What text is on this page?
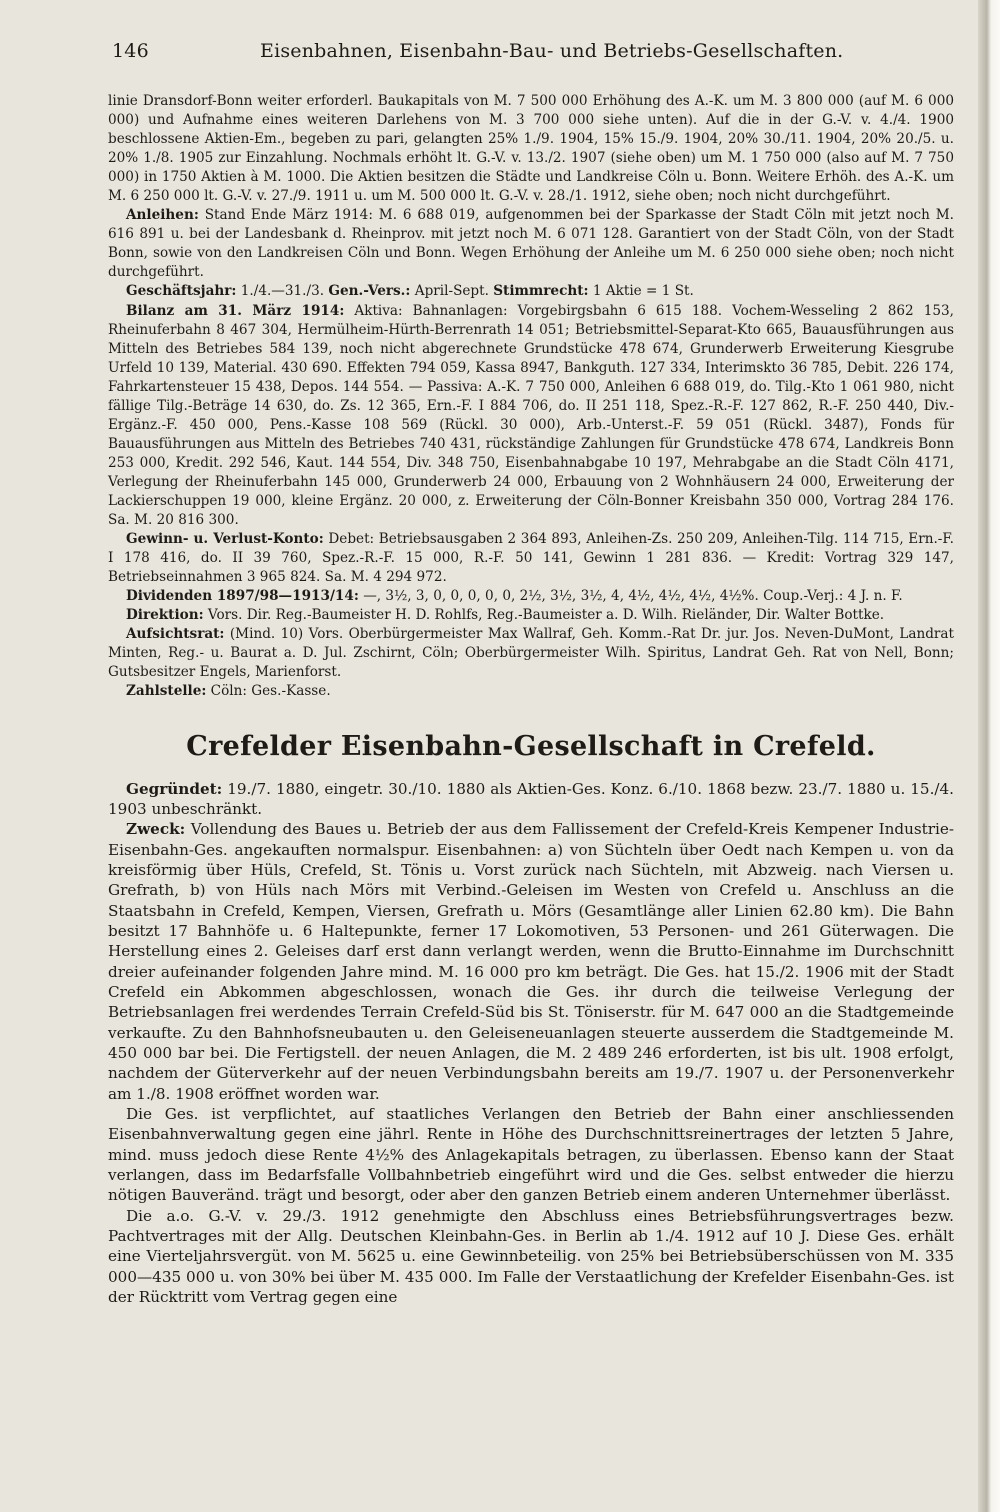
146	Eisenbahnen, Eisenbahn-Bau- und Betriebs-Gesellschaften.

linie Dransdorf-Bonn weiter erforderl. Baukapitals von M. 7 500 000 Erhöhung des A.-K. um M. 3 800 000 (auf M. 6 000 000) und Aufnahme eines weiteren Darlehens von M. 3 700 000 siehe unten). Auf die in der G.-V. v. 4./4. 1900 beschlossene Aktien-Em., begeben zu pari, gelangten 25% 1./9. 1904, 15% 15./9. 1904, 20% 30./11. 1904, 20% 20./5. u. 20% 1./8. 1905 zur Einzahlung. Nochmals erhöht lt. G.-V. v. 13./2. 1907 (siehe oben) um M. 1 750 000 (also auf M. 7 750 000) in 1750 Aktien à M. 1000. Die Aktien besitzen die Städte und Landkreise Cöln u. Bonn. Weitere Erhöh. des A.-K. um M. 6 250 000 lt. G.-V. v. 27./9. 1911 u. um M. 500 000 lt. G.-V. v. 28./1. 1912, siehe oben; noch nicht durchgeführt.

Anleihen: Stand Ende März 1914: M. 6 688 019, aufgenommen bei der Sparkasse der Stadt Cöln mit jetzt noch M. 616 891 u. bei der Landesbank d. Rheinprov. mit jetzt noch M. 6 071 128. Garantiert von der Stadt Cöln, von der Stadt Bonn, sowie von den Landkreisen Cöln und Bonn. Wegen Erhöhung der Anleihe um M. 6 250 000 siehe oben; noch nicht durchgeführt.

Geschäftsjahr: 1./4.—31./3. Gen.-Vers.: April-Sept. Stimmrecht: 1 Aktie = 1 St.

Bilanz am 31. März 1914: Aktiva: Bahnanlagen: Vorgebirgsbahn 6 615 188. Vochem-Wesseling 2 862 153, Rheinuferbahn 8 467 304, Hermülheim-Hürth-Berrenrath 14 051; Betriebsmittel-Separat-Kto 665, Bauausführungen aus Mitteln des Betriebes 584 139, noch nicht abgerechnete Grundstücke 478 674, Grunderwerb Erweiterung Kiesgrube Urfeld 10 139, Material. 430 690. Effekten 794 059, Kassa 8947, Bankguth. 127 334, Interimskto 36 785, Debit. 226 174, Fahrkartensteuer 15 438, Depos. 144 554. — Passiva: A.-K. 7 750 000, Anleihen 6 688 019, do. Tilg.-Kto 1 061 980, nicht fällige Tilg.-Beträge 14 630, do. Zs. 12 365, Ern.-F. I 884 706, do. II 251 118, Spez.-R.-F. 127 862, R.-F. 250 440, Div.-Ergänz.-F. 450 000, Pens.-Kasse 108 569 (Rückl. 30 000), Arb.-Unterst.-F. 59 051 (Rückl. 3487), Fonds für Bauausführungen aus Mitteln des Betriebes 740 431, rückständige Zahlungen für Grundstücke 478 674, Landkreis Bonn 253 000, Kredit. 292 546, Kaut. 144 554, Div. 348 750, Eisenbahnabgabe 10 197, Mehrabgabe an die Stadt Cöln 4171, Verlegung der Rheinuferbahn 145 000, Grunderwerb 24 000, Erbauung von 2 Wohnhäusern 24 000, Erweiterung der Lackierschuppen 19 000, kleine Ergänz. 20 000, z. Erweiterung der Cöln-Bonner Kreisbahn 350 000, Vortrag 284 176. Sa. M. 20 816 300.

Gewinn- u. Verlust-Konto: Debet: Betriebsausgaben 2 364 893, Anleihen-Zs. 250 209, Anleihen-Tilg. 114 715, Ern.-F. I 178 416, do. II 39 760, Spez.-R.-F. 15 000, R.-F. 50 141, Gewinn 1 281 836. — Kredit: Vortrag 329 147, Betriebseinnahmen 3 965 824. Sa. M. 4 294 972.

Dividenden 1897/98—1913/14: —, 3½, 3, 0, 0, 0, 0, 0, 2½, 3½, 3½, 4, 4½, 4½, 4½, 4½%. Coup.-Verj.: 4 J. n. F.

Direktion: Vors. Dir. Reg.-Baumeister H. D. Rohlfs, Reg.-Baumeister a. D. Wilh. Rieländer, Dir. Walter Bottke.

Aufsichtsrat: (Mind. 10) Vors. Oberbürgermeister Max Wallraf, Geh. Komm.-Rat Dr. jur. Jos. Neven-DuMont, Landrat Minten, Reg.- u. Baurat a. D. Jul. Zschirnt, Cöln; Oberbürgermeister Wilh. Spiritus, Landrat Geh. Rat von Nell, Bonn; Gutsbesitzer Engels, Marienforst.

Zahlstelle: Cöln: Ges.-Kasse.

Crefelder Eisenbahn-Gesellschaft in Crefeld.

Gegründet: 19./7. 1880, eingetr. 30./10. 1880 als Aktien-Ges. Konz. 6./10. 1868 bezw. 23./7. 1880 u. 15./4. 1903 unbeschränkt.

Zweck: Vollendung des Baues u. Betrieb der aus dem Fallissement der Crefeld-Kreis Kempener Industrie-Eisenbahn-Ges. angekauften normalspur. Eisenbahnen: a) von Süchteln über Oedt nach Kempen u. von da kreisförmig über Hüls, Crefeld, St. Tönis u. Vorst zurück nach Süchteln, mit Abzweig. nach Viersen u. Grefrath, b) von Hüls nach Mörs mit Verbind.-Geleisen im Westen von Crefeld u. Anschluss an die Staatsbahn in Crefeld, Kempen, Viersen, Grefrath u. Mörs (Gesamtlänge aller Linien 62.80 km). Die Bahn besitzt 17 Bahnhöfe u. 6 Haltepunkte, ferner 17 Lokomotiven, 53 Personen- und 261 Güterwagen. Die Herstellung eines 2. Geleises darf erst dann verlangt werden, wenn die Brutto-Einnahme im Durchschnitt dreier aufeinander folgenden Jahre mind. M. 16 000 pro km beträgt. Die Ges. hat 15./2. 1906 mit der Stadt Crefeld ein Abkommen abgeschlossen, wonach die Ges. ihr durch die teilweise Verlegung der Betriebsanlagen frei werdendes Terrain Crefeld-Süd bis St. Töniserstr. für M. 647 000 an die Stadtgemeinde verkaufte. Zu den Bahnhofsneubauten u. den Geleiseneuanlagen steuerte ausserdem die Stadtgemeinde M. 450 000 bar bei. Die Fertigstell. der neuen Anlagen, die M. 2 489 246 erforderten, ist bis ult. 1908 erfolgt, nachdem der Güterverkehr auf der neuen Verbindungsbahn bereits am 19./7. 1907 u. der Personenverkehr am 1./8. 1908 eröffnet worden war.

Die Ges. ist verpflichtet, auf staatliches Verlangen den Betrieb der Bahn einer anschliessenden Eisenbahnverwaltung gegen eine jährl. Rente in Höhe des Durchschnittsreinertrages der letzten 5 Jahre, mind. muss jedoch diese Rente 4½% des Anlagekapitals betragen, zu überlassen. Ebenso kann der Staat verlangen, dass im Bedarfsfalle Vollbahnbetrieb eingeführt wird und die Ges. selbst entweder die hierzu nötigen Bauveränd. trägt und besorgt, oder aber den ganzen Betrieb einem anderen Unternehmer überlässt.

Die a.o. G.-V. v. 29./3. 1912 genehmigte den Abschluss eines Betriebsführungsvertrages bezw. Pachtvertrages mit der Allg. Deutschen Kleinbahn-Ges. in Berlin ab 1./4. 1912 auf 10 J. Diese Ges. erhält eine Vierteljahrsvergüt. von M. 5625 u. eine Gewinnbeteilig. von 25% bei Betriebsüberschüssen von M. 335 000—435 000 u. von 30% bei über M. 435 000. Im Falle der Verstaatlichung der Krefelder Eisenbahn-Ges. ist der Rücktritt vom Vertrag gegen eine
